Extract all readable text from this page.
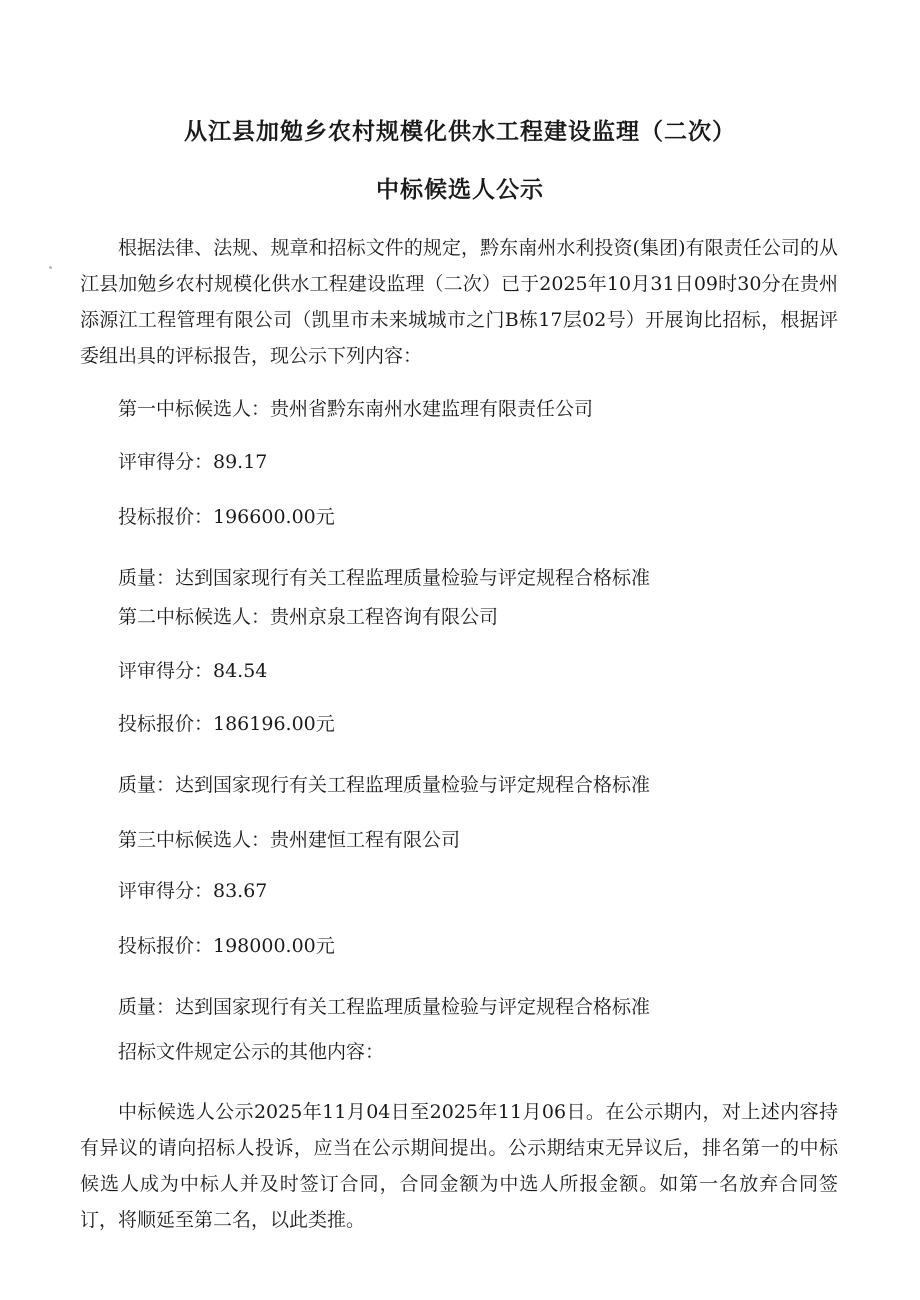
从江县加勉乡农村规模化供水工程建设监理（二次）
中标候选人公示

根据法律、法规、规章和招标文件的规定，黔东南州水利投资(集团)有限责任公司的从江县加勉乡农村规模化供水工程建设监理（二次）已于2025年10月31日09时30分在贵州添源江工程管理有限公司（凯里市未来城城市之门B栋17层02号）开展询比招标，根据评委组出具的评标报告，现公示下列内容：

第一中标候选人：贵州省黔东南州水建监理有限责任公司

评审得分：89.17

投标报价：196600.00元

质量：达到国家现行有关工程监理质量检验与评定规程合格标准

第二中标候选人：贵州京泉工程咨询有限公司

评审得分：84.54

投标报价：186196.00元

质量：达到国家现行有关工程监理质量检验与评定规程合格标准

第三中标候选人：贵州建恒工程有限公司

评审得分：83.67

投标报价：198000.00元

质量：达到国家现行有关工程监理质量检验与评定规程合格标准

招标文件规定公示的其他内容：

中标候选人公示2025年11月04日至2025年11月06日。在公示期内，对上述内容持有异议的请向招标人投诉，应当在公示期间提出。公示期结束无异议后，排名第一的中标候选人成为中标人并及时签订合同，合同金额为中选人所报金额。如第一名放弃合同签订，将顺延至第二名，以此类推。
